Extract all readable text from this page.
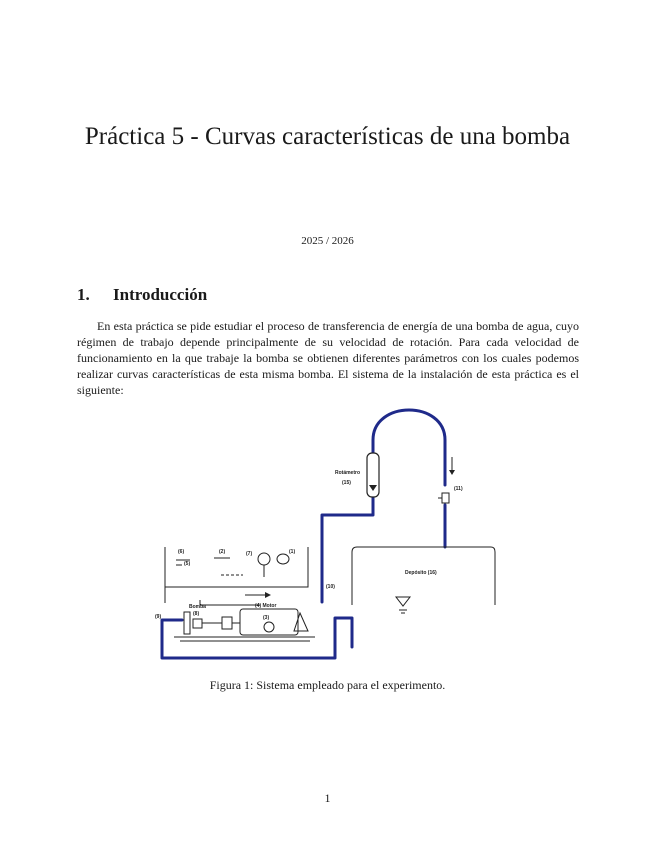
Práctica 5 - Curvas características de una bomba
2025 / 2026
1. Introducción

En esta práctica se pide estudiar el proceso de transferencia de energía de una bomba de agua, cuyo régimen de trabajo depende principalmente de su velocidad de rotación. Para cada velocidad de funcionamiento en la que trabaje la bomba se obtienen diferentes parámetros con los cuales podemos realizar curvas características de esta misma bomba. El sistema de la instalación de esta práctica es el siguiente:

Rotámetro
(15)
(11)
Depósito (16)
(6)
(5)
(2)	(7)	(1)
Bomba
(8)
(4) Motor
(3)
(9)
(10)
Figura 1: Sistema empleado para el experimento.
1
